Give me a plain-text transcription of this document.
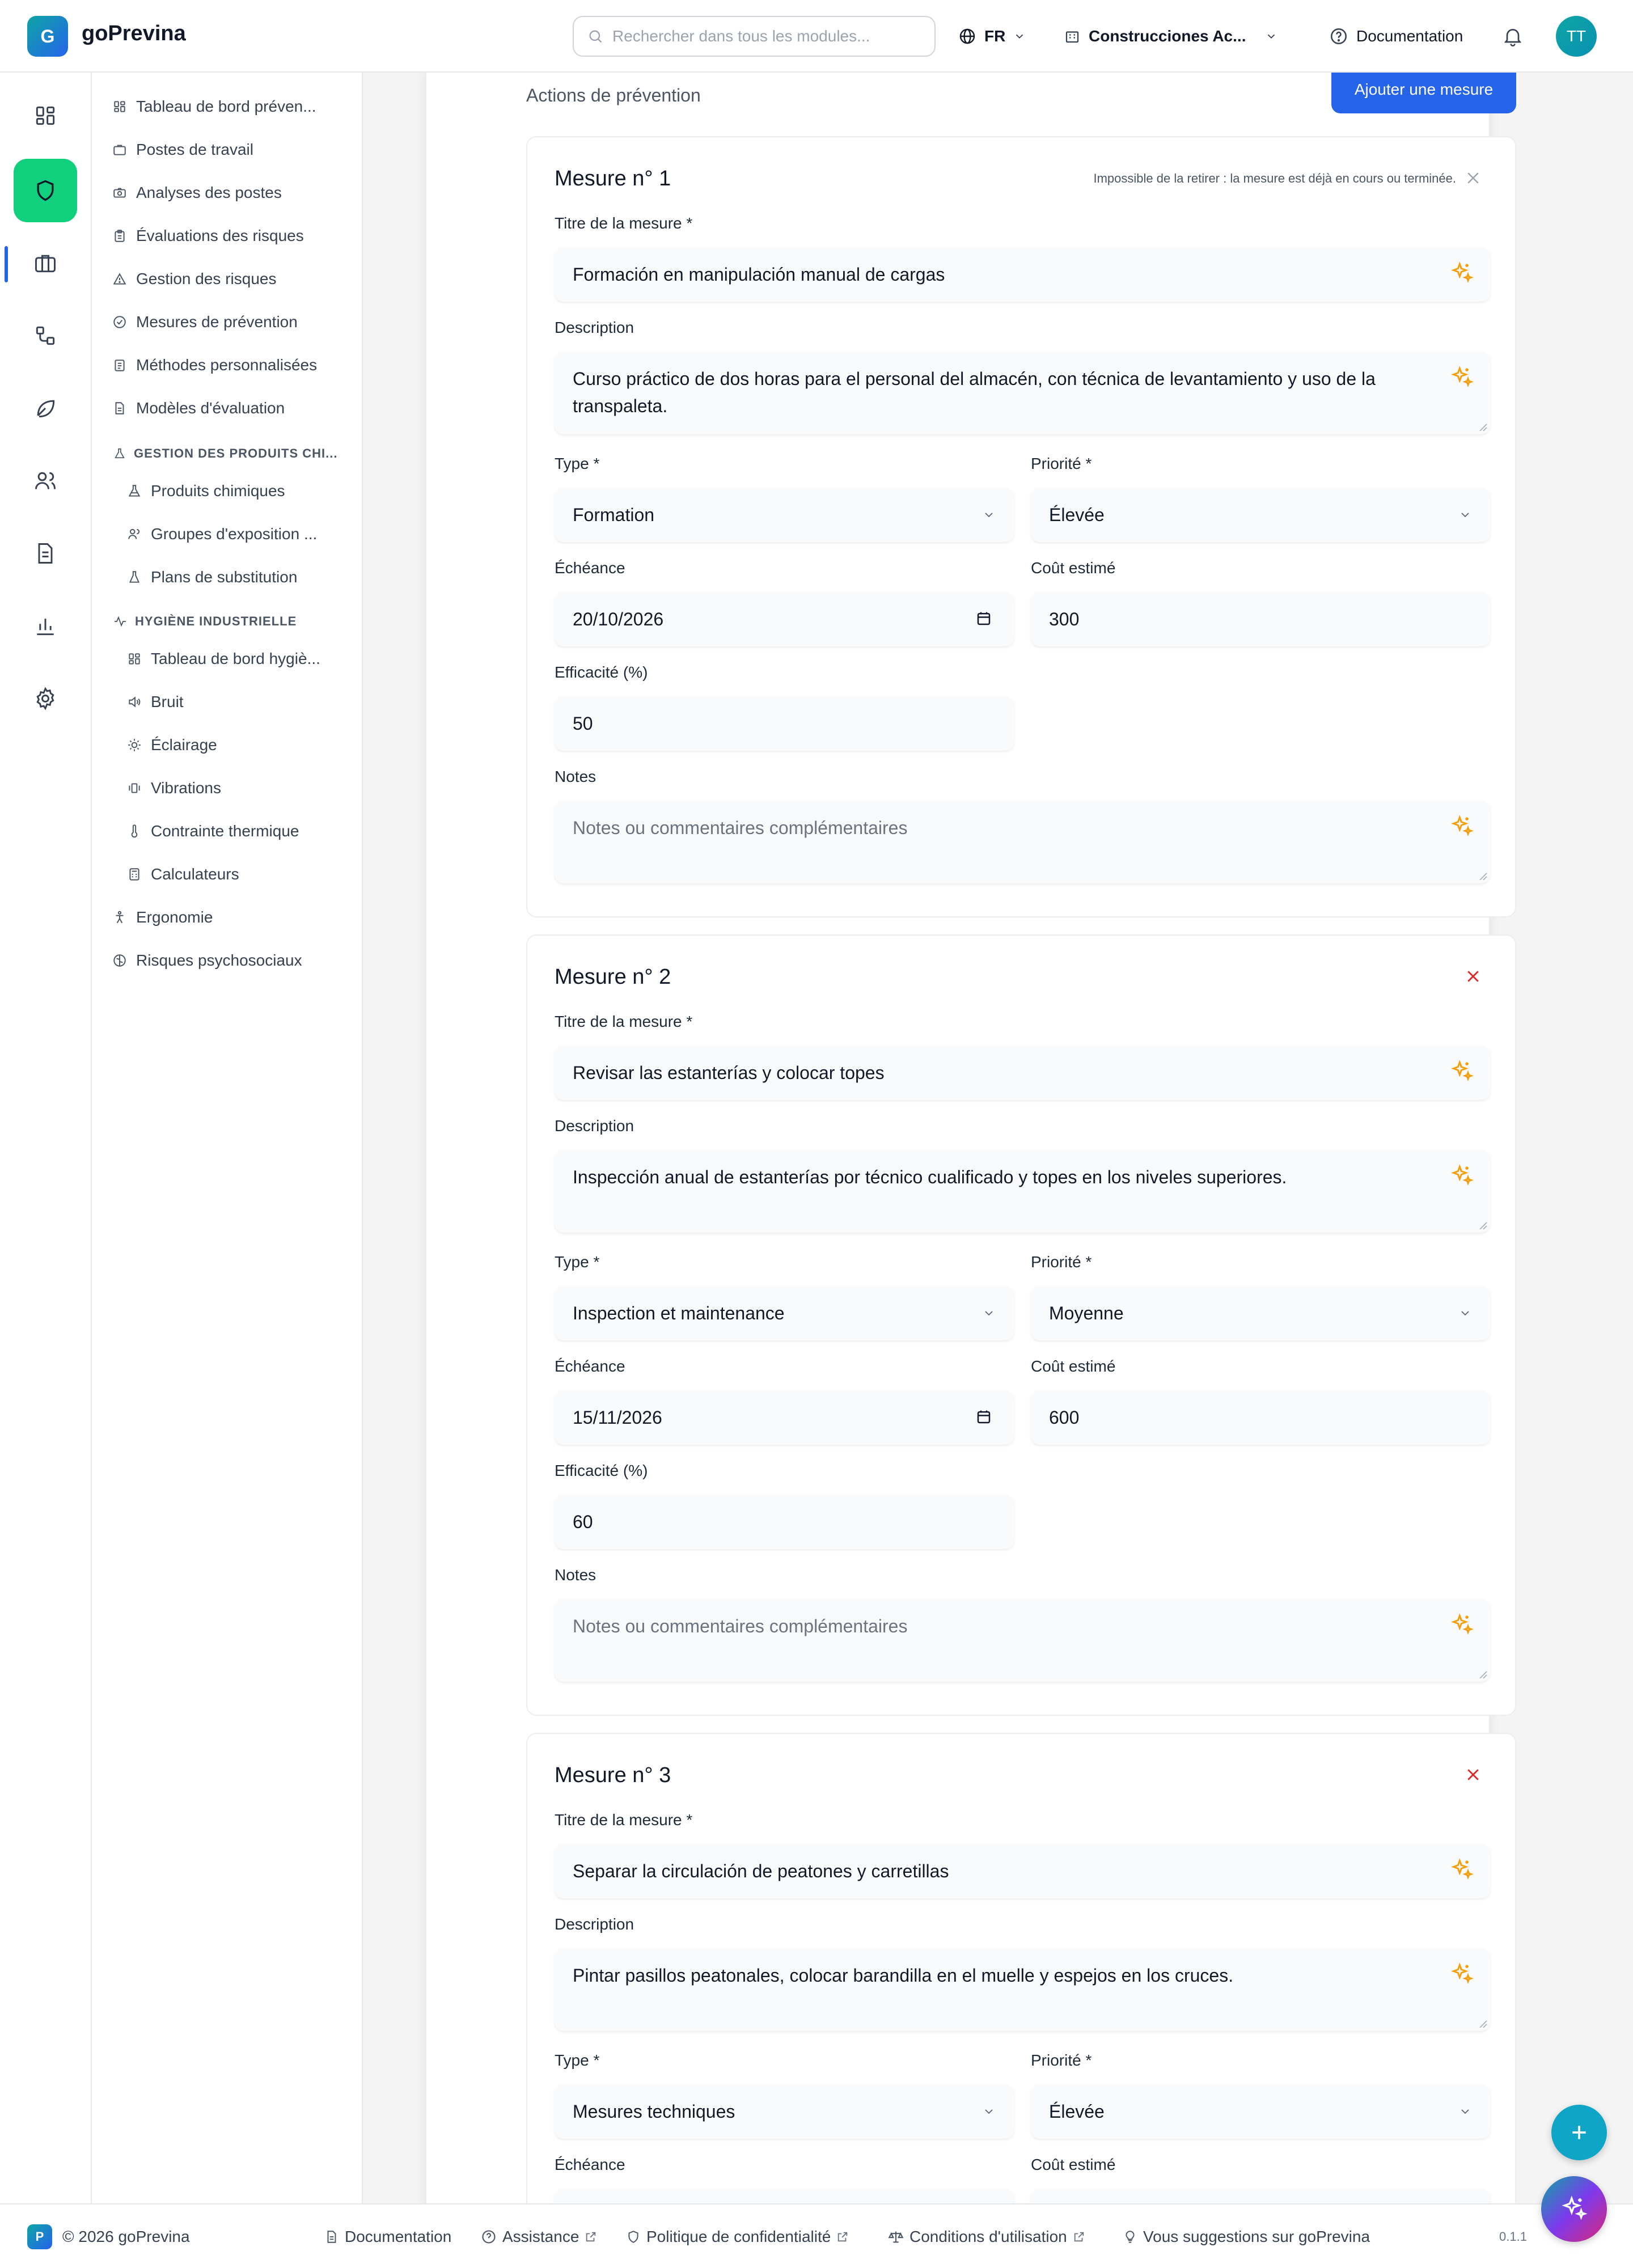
G	goPrevina
Rechercher dans tous les modules...	FR	Construcciones Ac...	Documentation	TT
Tableau de bord préven...
Postes de travail
Analyses des postes
Évaluations des risques
Gestion des risques
Mesures de prévention
Méthodes personnalisées
Modèles d'évaluation
GESTION DES PRODUITS CHI...
Produits chimiques
Groupes d'exposition ...
Plans de substitution
HYGIÈNE INDUSTRIELLE
Tableau de bord hygiè...
Bruit
Éclairage
Vibrations
Contrainte thermique
Calculateurs
Ergonomie
Risques psychosociaux
Actions de prévention	Ajouter une mesure
Mesure n° 1	Impossible de la retirer : la mesure est déjà en cours ou terminée.
Titre de la mesure *
Formación en manipulación manual de cargas
Description
Curso práctico de dos horas para el personal del almacén, con técnica de levantamiento y uso de la transpaleta.
Type *	Priorité *
Formation	Élevée
Échéance	Coût estimé
20/10/2026	300
Efficacité (%)
50
Notes
Notes ou commentaires complémentaires
Mesure n° 2
Titre de la mesure *
Revisar las estanterías y colocar topes
Description
Inspección anual de estanterías por técnico cualificado y topes en los niveles superiores.
Type *	Priorité *
Inspection et maintenance	Moyenne
Échéance	Coût estimé
15/11/2026	600
Efficacité (%)
60
Notes
Notes ou commentaires complémentaires
Mesure n° 3
Titre de la mesure *
Separar la circulación de peatones y carretillas
Description
Pintar pasillos peatonales, colocar barandilla en el muelle y espejos en los cruces.
Type *	Priorité *
Mesures techniques	Élevée
Échéance	Coût estimé
P	© 2026 goPrevina	Documentation	Assistance	Politique de confidentialité	Conditions d'utilisation	Vous suggestions sur goPrevina	0.1.1
